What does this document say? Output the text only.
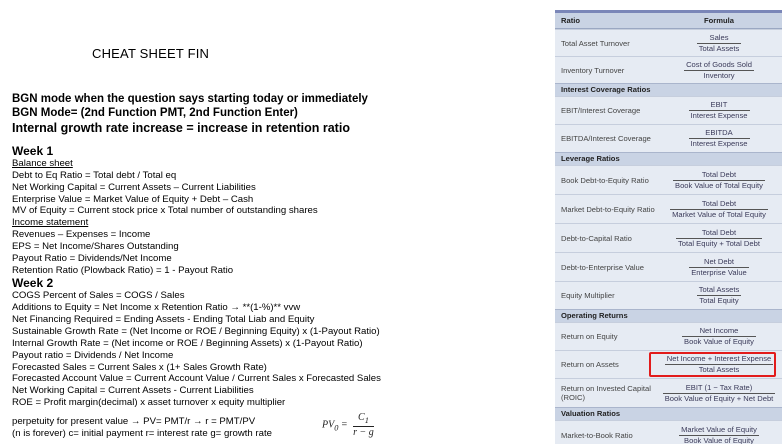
CHEAT SHEET FIN
BGN mode when the question says starting today or immediately
BGN Mode= (2nd Function PMT, 2nd Function Enter)
Internal growth rate increase = increase in retention ratio
Week 1
Balance sheet
Debt to Eq Ratio = Total debt / Total eq
Net Working Capital = Current Assets – Current Liabilities
Enterprise Value = Market Value of Equity + Debt – Cash
MV of Equity = Current stock price x Total number of outstanding shares
Income statement
Revenues – Expenses = Income
EPS = Net Income/Shares Outstanding
Payout Ratio = Dividends/Net Income
Retention Ratio (Plowback Ratio) = 1 - Payout Ratio
Week 2
COGS Percent of Sales = COGS / Sales
Additions to Equity = Net Income x Retention Ratio → **(1-%)** vvw
Net Financing Required = Ending Assets - Ending Total Liab and Equity
Sustainable Growth Rate = (Net Income or ROE / Beginning Equity) x (1-Payout Ratio)
Internal Growth Rate = (Net income or ROE / Beginning Assets) x (1-Payout Ratio)
Payout ratio = Dividends / Net Income
Forecasted Sales = Current Sales x (1+ Sales Growth Rate)
Forecasted Account Value = Current Account Value / Current Sales x Forecasted Sales
Net Working Capital = Current Assets - Current Liabilities
ROE = Profit margin(decimal) x asset turnover x equity multiplier
perpetuity for present value → PV= PMT/r → r = PMT/PV
(n is forever) c= initial payment r= interest rate g= growth rate
$PV_0 = \frac{C_1}{r - g}$
Ratio	Formula
Total Asset Turnover
Sales
Total Assets
Inventory Turnover
Cost of Goods Sold
Inventory
Interest Coverage Ratios
EBIT/Interest Coverage
EBIT
Interest Expense
EBITDA/Interest Coverage
EBITDA
Interest Expense
Leverage Ratios
Book Debt-to-Equity Ratio
Total Debt
Book Value of Total Equity
Market Debt-to-Equity Ratio
Total Debt
Market Value of Total Equity
Debt-to-Capital Ratio
Total Debt
Total Equity + Total Debt
Debt-to-Enterprise Value
Net Debt
Enterprise Value
Equity Multiplier
Total Assets
Total Equity
Operating Returns
Return on Equity
Net Income
Book Value of Equity
Return on Assets
Net Income + Interest Expense
Total Assets
Return on Invested Capital (ROIC)
EBIT (1 − Tax Rate)
Book Value of Equity + Net Debt
Valuation Ratios
Market-to-Book Ratio
Market Value of Equity
Book Value of Equity
